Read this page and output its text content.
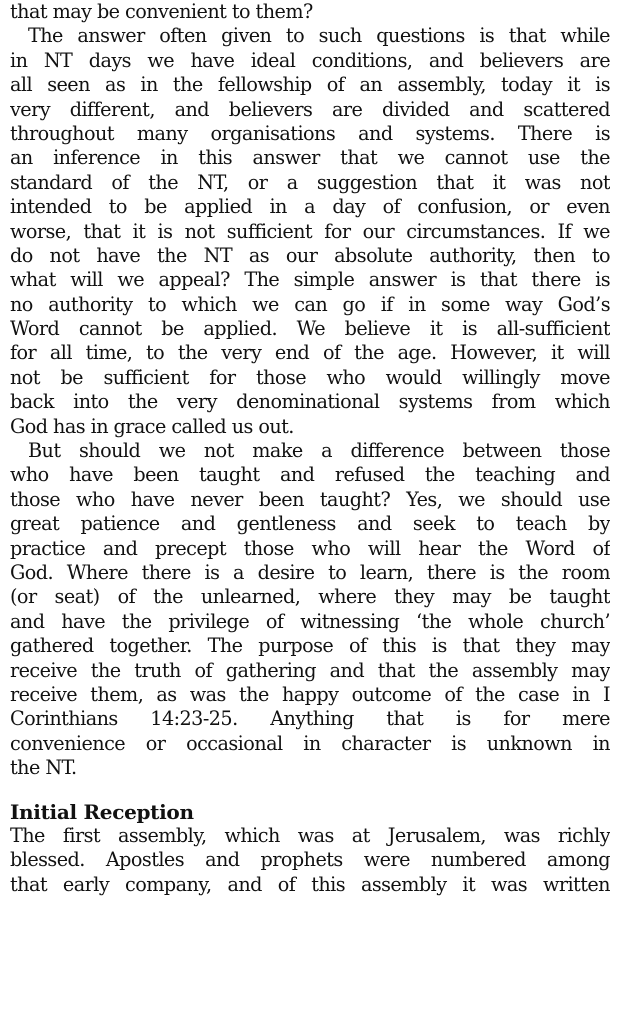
that may be convenient to them?
The answer often given to such questions is that while
in NT days we have ideal conditions, and believers are
all seen as in the fellowship of an assembly, today it is
very different, and believers are divided and scattered
throughout many organisations and systems. There is
an inference in this answer that we cannot use the
standard of the NT, or a suggestion that it was not
intended to be applied in a day of confusion, or even
worse, that it is not sufficient for our circumstances. If we
do not have the NT as our absolute authority, then to
what will we appeal? The simple answer is that there is
no authority to which we can go if in some way God’s
Word cannot be applied. We believe it is all-sufficient
for all time, to the very end of the age. However, it will
not be sufficient for those who would willingly move
back into the very denominational systems from which
God has in grace called us out.
But should we not make a difference between those
who have been taught and refused the teaching and
those who have never been taught? Yes, we should use
great patience and gentleness and seek to teach by
practice and precept those who will hear the Word of
God. Where there is a desire to learn, there is the room
(or seat) of the unlearned, where they may be taught
and have the privilege of witnessing ‘the whole church’
gathered together. The purpose of this is that they may
receive the truth of gathering and that the assembly may
receive them, as was the happy outcome of the case in I
Corinthians 14:23-25. Anything that is for mere
convenience or occasional in character is unknown in
the NT.
Initial Reception
The first assembly, which was at Jerusalem, was richly
blessed. Apostles and prophets were numbered among
that early company, and of this assembly it was written
